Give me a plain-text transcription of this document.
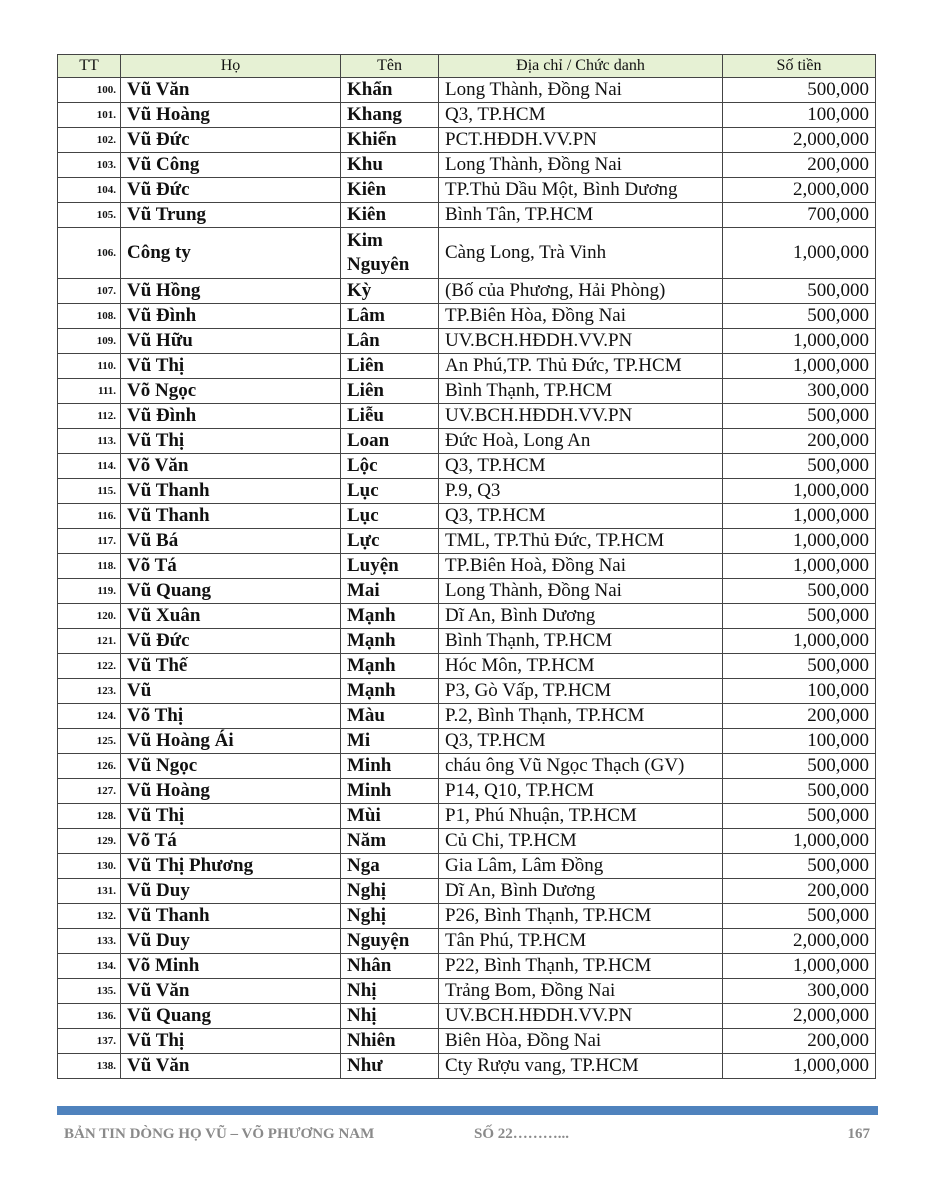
TT	Họ	Tên	Địa chỉ / Chức danh	Số tiền
100.	Vũ Văn	Khẩn	Long Thành, Đồng Nai	500,000
101.	Vũ Hoàng	Khang	Q3, TP.HCM	100,000
102.	Vũ Đức	Khiển	PCT.HĐDH.VV.PN	2,000,000
103.	Vũ Công	Khu	Long Thành, Đồng Nai	200,000
104.	Vũ Đức	Kiên	TP.Thủ Dầu Một, Bình Dương	2,000,000
105.	Vũ Trung	Kiên	Bình Tân, TP.HCM	700,000
106.	Công ty	Kim Nguyên	Càng Long, Trà Vinh	1,000,000
107.	Vũ Hồng	Kỳ	(Bố của Phương, Hải Phòng)	500,000
108.	Vũ Đình	Lâm	TP.Biên Hòa, Đồng Nai	500,000
109.	Vũ Hữu	Lân	UV.BCH.HĐDH.VV.PN	1,000,000
110.	Vũ Thị	Liên	An Phú,TP. Thủ Đức, TP.HCM	1,000,000
111.	Võ Ngọc	Liên	Bình Thạnh, TP.HCM	300,000
112.	Vũ Đình	Liễu	UV.BCH.HĐDH.VV.PN	500,000
113.	Vũ Thị	Loan	Đức Hoà, Long An	200,000
114.	Võ Văn	Lộc	Q3, TP.HCM	500,000
115.	Vũ Thanh	Lục	P.9, Q3	1,000,000
116.	Vũ Thanh	Lục	Q3, TP.HCM	1,000,000
117.	Vũ Bá	Lực	TML, TP.Thủ Đức, TP.HCM	1,000,000
118.	Võ Tá	Luyện	TP.Biên Hoà, Đồng Nai	1,000,000
119.	Vũ Quang	Mai	Long Thành, Đồng Nai	500,000
120.	Vũ Xuân	Mạnh	Dĩ An, Bình Dương	500,000
121.	Vũ Đức	Mạnh	Bình Thạnh, TP.HCM	1,000,000
122.	Vũ Thế	Mạnh	Hóc Môn, TP.HCM	500,000
123.	Vũ	Mạnh	P3, Gò Vấp, TP.HCM	100,000
124.	Võ Thị	Màu	P.2, Bình Thạnh, TP.HCM	200,000
125.	Vũ Hoàng Ái	Mi	Q3, TP.HCM	100,000
126.	Vũ Ngọc	Minh	cháu ông Vũ Ngọc Thạch (GV)	500,000
127.	Vũ Hoàng	Minh	P14, Q10, TP.HCM	500,000
128.	Vũ Thị	Mùi	P1, Phú Nhuận, TP.HCM	500,000
129.	Võ Tá	Năm	Củ Chi, TP.HCM	1,000,000
130.	Vũ Thị Phương	Nga	Gia Lâm, Lâm Đồng	500,000
131.	Vũ Duy	Nghị	Dĩ An, Bình Dương	200,000
132.	Vũ Thanh	Nghị	P26, Bình Thạnh, TP.HCM	500,000
133.	Vũ Duy	Nguyện	Tân Phú, TP.HCM	2,000,000
134.	Võ Minh	Nhân	P22, Bình Thạnh, TP.HCM	1,000,000
135.	Vũ Văn	Nhị	Trảng Bom, Đồng Nai	300,000
136.	Vũ Quang	Nhị	UV.BCH.HĐDH.VV.PN	2,000,000
137.	Vũ Thị	Nhiên	Biên Hòa, Đồng Nai	200,000
138.	Vũ Văn	Như	Cty Rượu vang, TP.HCM	1,000,000
BẢN TIN DÒNG HỌ VŨ – VÕ PHƯƠNG NAM	SỐ 22………...	167
